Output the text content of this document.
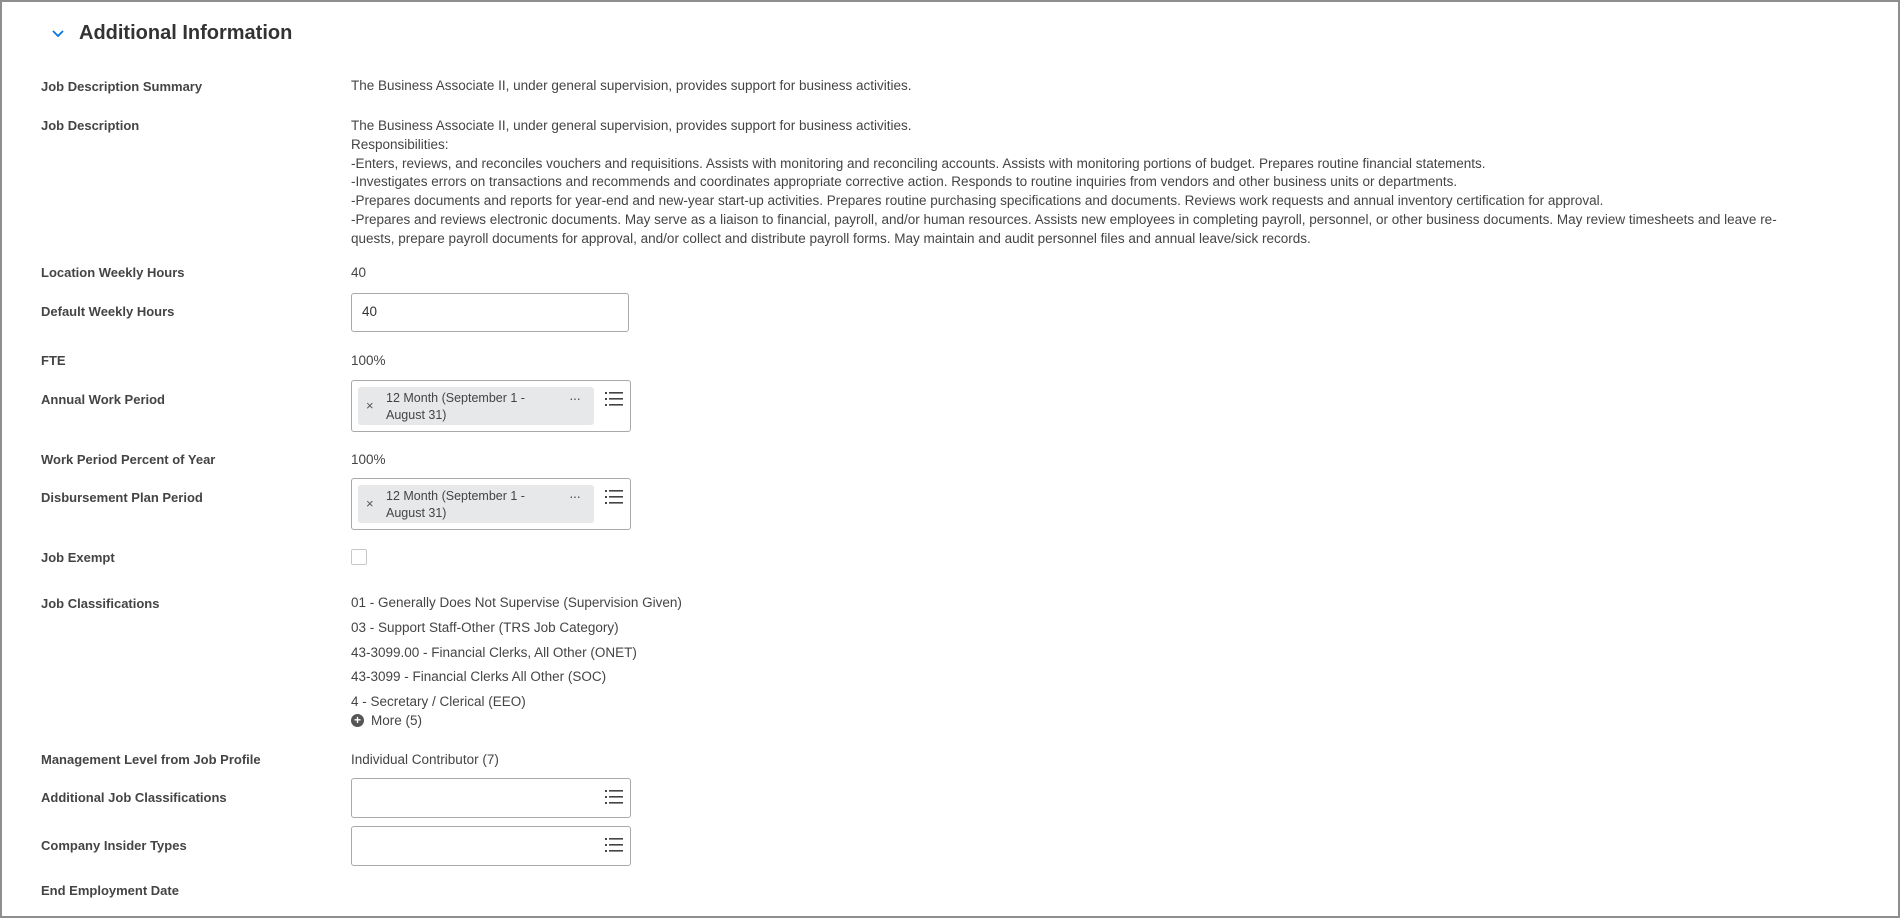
Additional Information
Job Description Summary	The Business Associate II, under general supervision, provides support for business activities.
Job Description	The Business Associate II, under general supervision, provides support for business activities.
Responsibilities:
-Enters, reviews, and reconciles vouchers and requisitions. Assists with monitoring and reconciling accounts. Assists with monitoring portions of budget. Prepares routine financial statements.
-Investigates errors on transactions and recommends and coordinates appropriate corrective action. Responds to routine inquiries from vendors and other business units or departments.
-Prepares documents and reports for year-end and new-year start-up activities. Prepares routine purchasing specifications and documents. Reviews work requests and annual inventory certification for approval.
-Prepares and reviews electronic documents. May serve as a liaison to financial, payroll, and/or human resources. Assists new employees in completing payroll, personnel, or other business documents. May review timesheets and leave re-
quests, prepare payroll documents for approval, and/or collect and distribute payroll forms. May maintain and audit personnel files and annual leave/sick records.
Location Weekly Hours	40
Default Weekly Hours	40
FTE	100%
Annual Work Period	× 12 Month (September 1 - August 31)
···
Work Period Percent of Year	100%
Disbursement Plan Period	× 12 Month (September 1 - August 31)
···
Job Exempt
Job Classifications	01 - Generally Does Not Supervise (Supervision Given)
03 - Support Staff-Other (TRS Job Category)
43-3099.00 - Financial Clerks, All Other (ONET)
43-3099 - Financial Clerks All Other (SOC)
4 - Secretary / Clerical (EEO)
+ More (5)
Management Level from Job Profile	Individual Contributor (7)
Additional Job Classifications
Company Insider Types
End Employment Date
